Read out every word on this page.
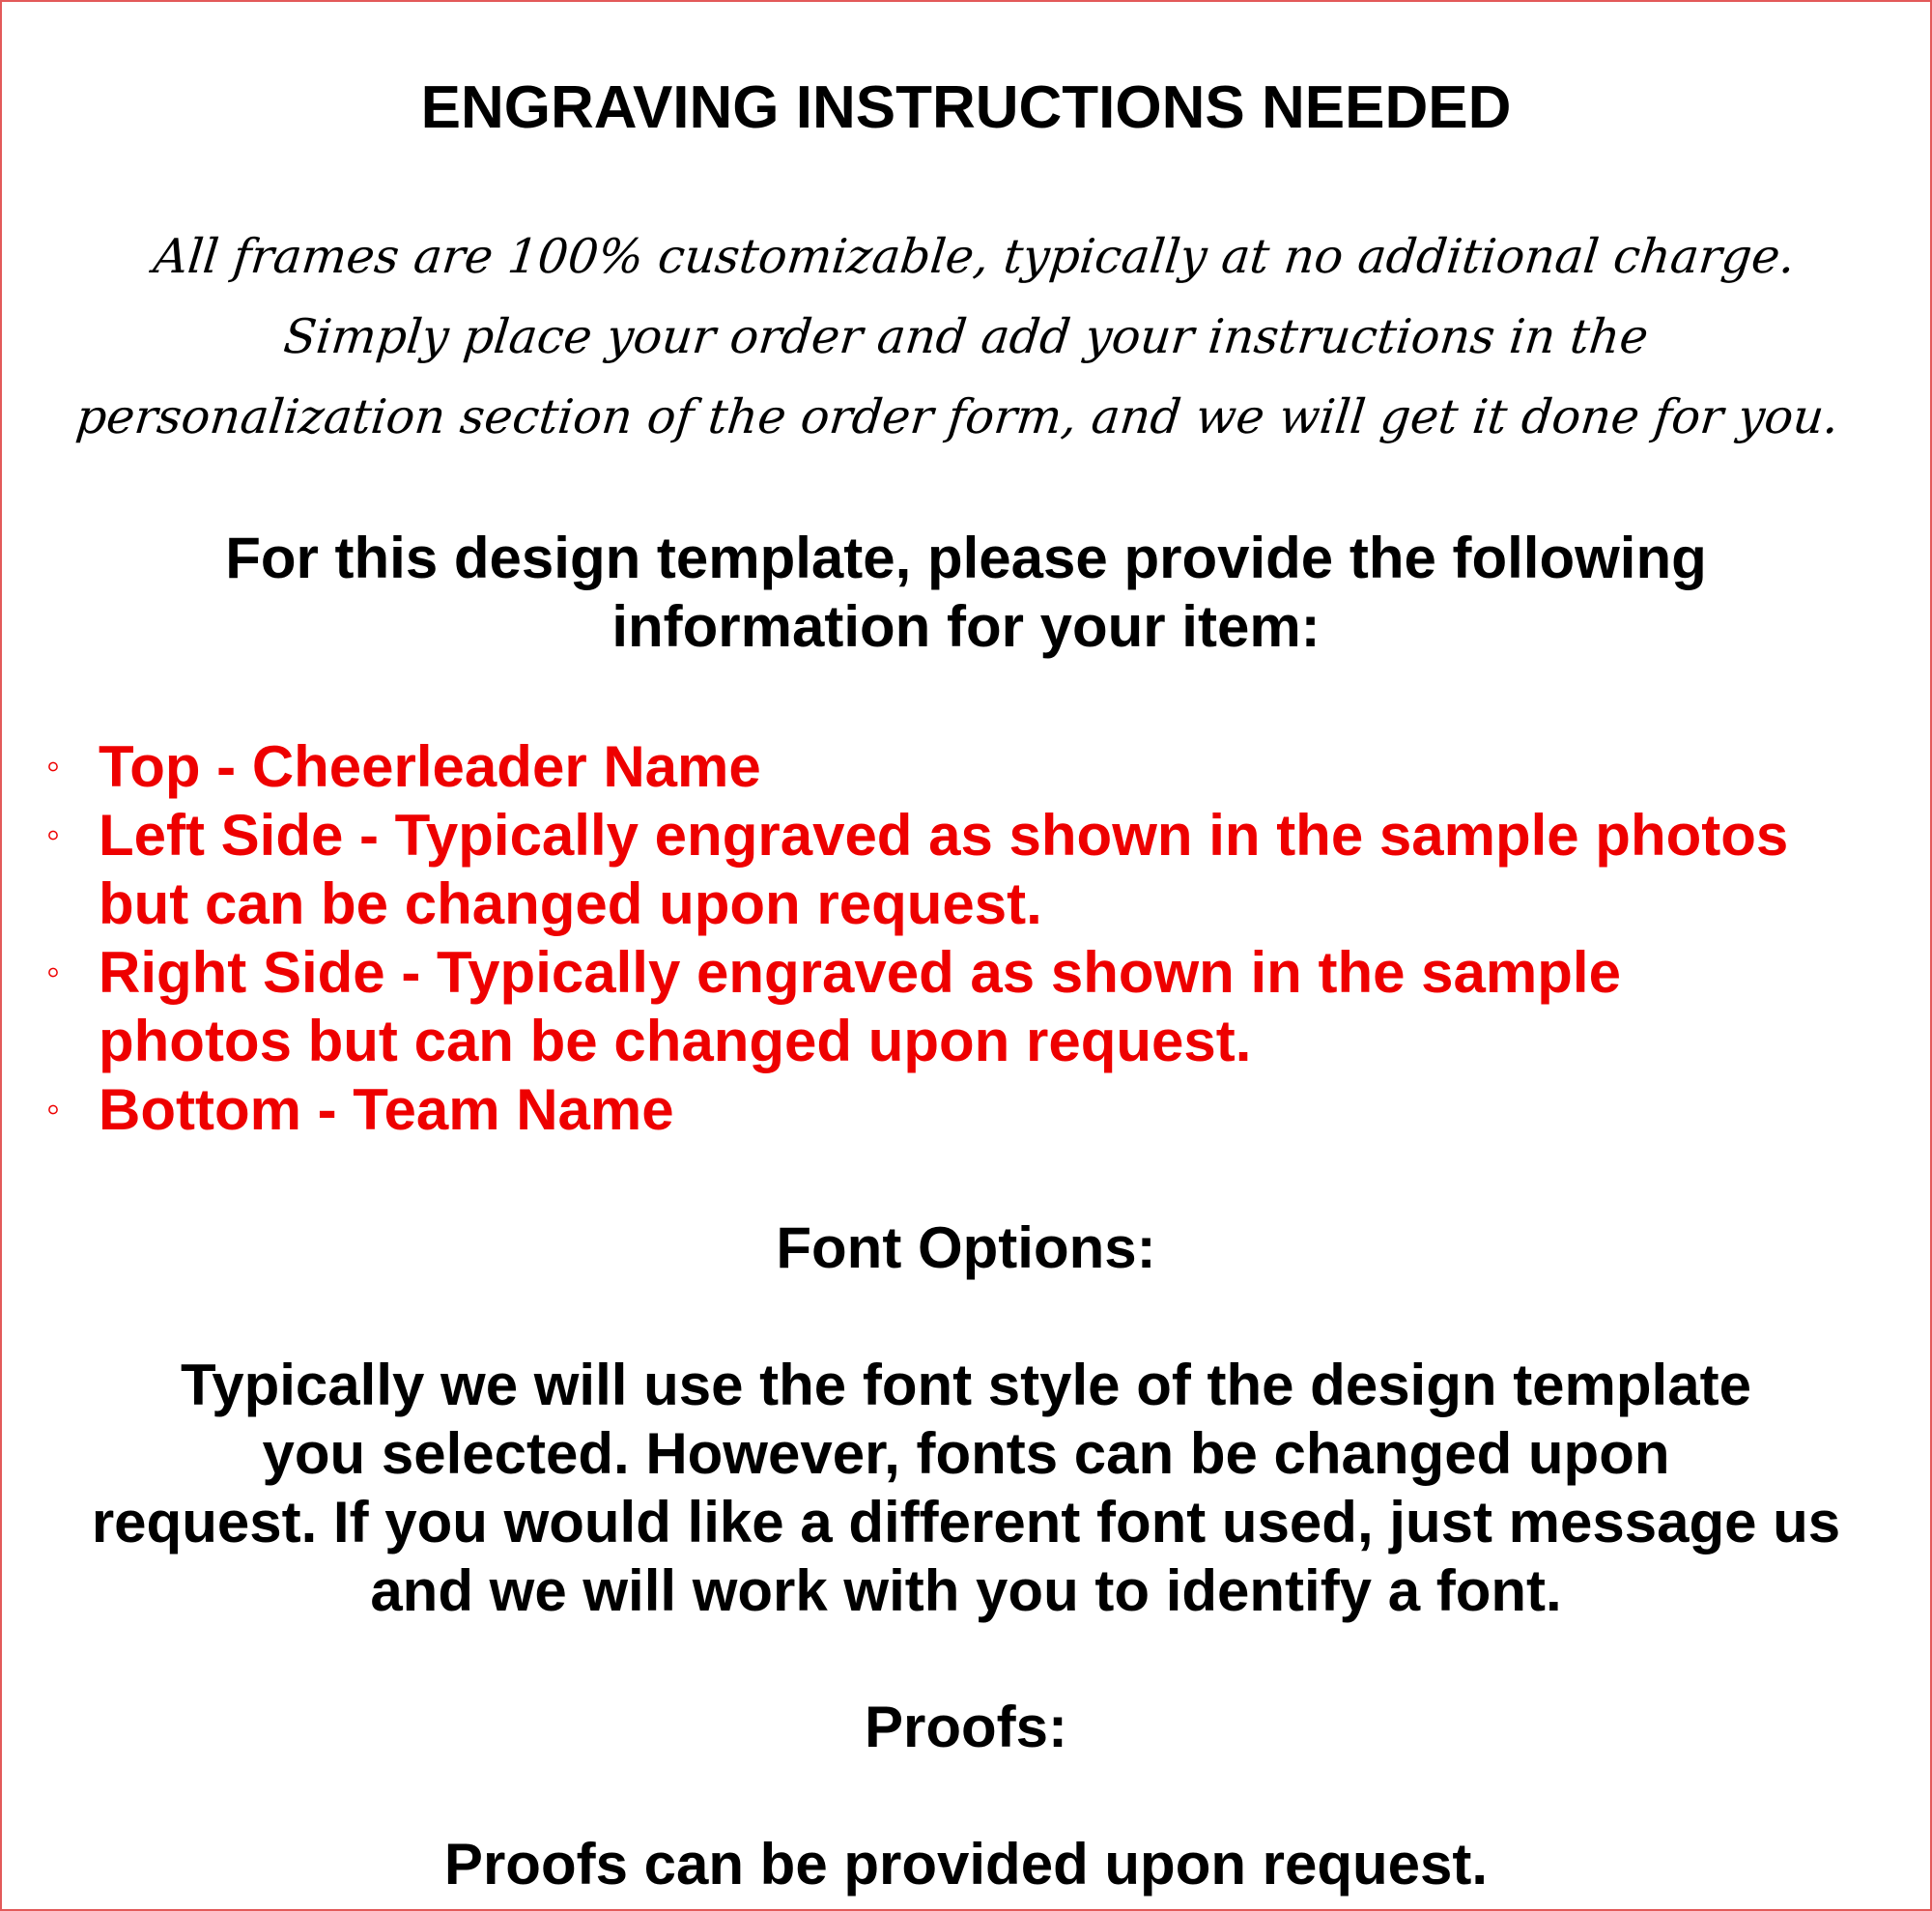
ENGRAVING INSTRUCTIONS NEEDED
All frames are 100% customizable, typically at no additional charge.
Simply place your order and add your instructions in the
personalization section of the order form, and we will get it done for you.
For this design template, please provide the following
information for your item:
◦ Top - Cheerleader Name
◦ Left Side - Typically engraved as shown in the sample photos
but can be changed upon request.
◦ Right Side - Typically engraved as shown in the sample
photos but can be changed upon request.
◦ Bottom - Team Name
Font Options:
Typically we will use the font style of the design template
you selected. However, fonts can be changed upon
request. If you would like a different font used, just message us
and we will work with you to identify a font.
Proofs:
Proofs can be provided upon request.
